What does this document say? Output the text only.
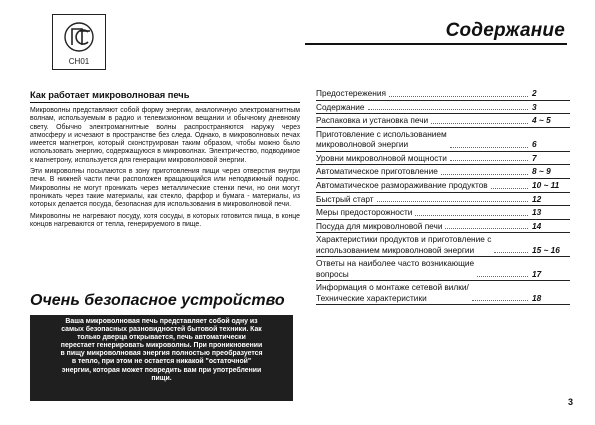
CH01
Содержание
Как работает микроволновая печь

Микроволны представляют собой форму энергии, аналогичную электромагнитным волнам, используемым в радио и телевизионном вещании и обычному дневному свету. Обычно электромагнитные волны распространяются наружу через атмосферу и исчезают в пространстве без следа. Однако, в микроволновых печах имеется магнетрон, который сконструирован таким образом, чтобы можно было использовать энергию, содержащуюся в микроволнах. Электричество, подводимое к магнетрону, используется для генерации микроволновой энергии.

Эти микроволны посылаются в зону приготовления пищи через отверстия внутри печи. В нижней части печи расположен вращающийся или неподвижный поднос. Микроволны не могут проникать через металлические стенки печи, но они могут проникать через такие материалы, как стекло, фарфор и бумага - материалы, из которых делается посуда, безопасная для использования в микроволновой печи.

Микроволны не нагревают посуду, хотя сосуды, в которых готовится пища, в конце концов нагреваются от тепла, генерируемого в пище.

Очень безопасное устройство

Ваша микроволновая печь представляет собой одну из

самых безопасных разновидностей бытовой техники. Как

только дверца открывается, печь автоматически

перестает генерировать микроволны. При проникновении

в пищу микроволновая энергия полностью преобразуется

в тепло, при этом не остается никакой "остаточной"

энергии, которая может повредить вам при употреблении

пищи.

Предостережения	2
Содержание	3
Распаковка и установка печи	4 ~ 5
Приготовление с использованием
микроволновой энергии	6
Уровни микроволновой мощности	7
Автоматическое приготовление	8 ~ 9
Автоматическое размораживание продуктов	10 ~ 11
Быстрый старт	12
Меры предосторожности	13
Посуда для микроволновой печи	14
Характеристики продуктов и приготовление с
использованием микроволновой энергии	15 ~ 16
Ответы на наиболее часто возникающие
вопросы	17
Информация о монтаже сетевой вилки/
Технические характеристики	18
3
